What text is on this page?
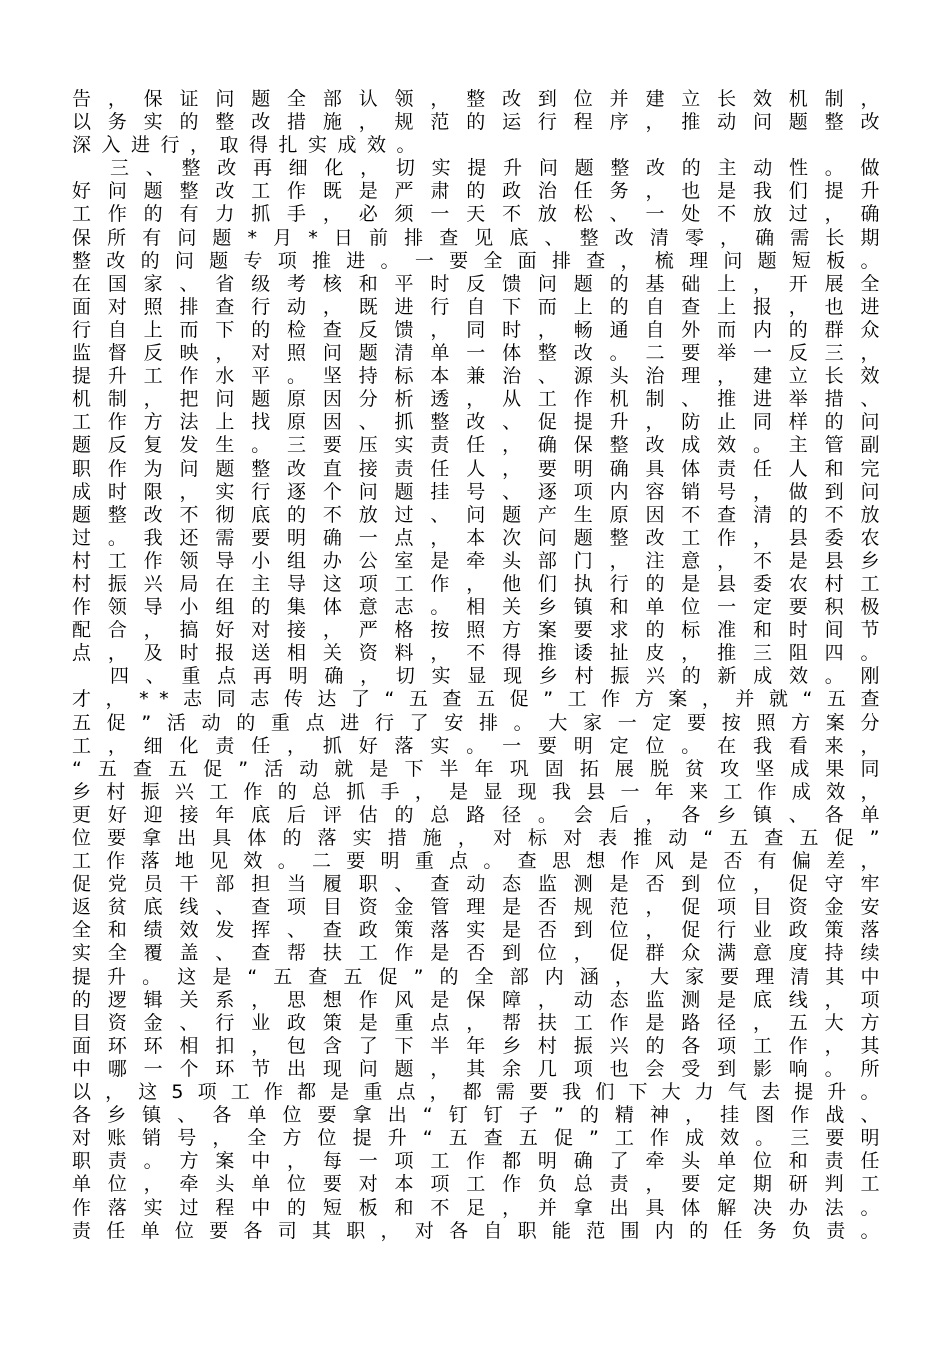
告，保证问题全部认领，整改到位并建立长效机制，
以务实的整改措施，规范的运行程序，推动问题整改
深入进行，取得扎实成效。
三、整改再细化，切实提升问题整改的主动性。做
好问题整改工作既是严肃的政治任务，也是我们提升
工作的有力抓手，必须一天不放松、一处不放过，确
保所有问题*月*日前排查见底、整改清零，确需长期
整改的问题专项推进。一要全面排查，梳理问题短板。
在国家、省级考核和平时反馈问题的基础上，开展全
面对照排查行动，既进行自下而上的自查上报，也进
行自上而下的检查反馈，同时，畅通自外而内的群众
监督反映，对照问题清单一体整改。二要举一反三，
提升工作水平。坚持标本兼治、源头治理，建立长效
机制，把问题原因分析透，从工作机制、推进举措、
工作方法上找原因、抓整改、促提升，防止同样的问
题反复发生。三要压实责任，确保整改成效。主管副
职作为问题整改直接责任人，要明确具体责任人和完
成时限，实行逐个问题挂号、逐项内容销号，做到问
题整改不彻底的不放过、问题产生原因不查清的不放
过。我还需要明确一点，本次问题整改工作，县委农
村工作领导小组办公室是牵头部门，注意，不是县乡
村振兴局在主导这项工作，他们执行的是县委农村工
作领导小组的集体意志。相关乡镇和单位一定要积极
配合，搞好对接，严格按照方案要求的标准和时间节
点，及时报送相关资料，不得推诿扯皮，推三阻四。
四、重点再明确，切实显现乡村振兴的新成效。刚
才，**志同志传达了“五查五促”工作方案，并就“五查
五促”活动的重点进行了安排。大家一定要按照方案分
工，细化责任，抓好落实。一要明定位。在我看来，
“五查五促”活动就是下半年巩固拓展脱贫攻坚成果同
乡村振兴工作的总抓手，是显现我县一年来工作成效，
更好迎接年底后评估的总路径。会后，各乡镇、各单
位要拿出具体的落实措施，对标对表推动“五查五促”
工作落地见效。二要明重点。查思想作风是否有偏差，
促党员干部担当履职、查动态监测是否到位，促守牢
返贫底线、查项目资金管理是否规范，促项目资金安
全和绩效发挥、查政策落实是否到位，促行业政策落
实全覆盖、查帮扶工作是否到位，促群众满意度持续
提升。这是“五查五促”的全部内涵，大家要理清其中
的逻辑关系，思想作风是保障，动态监测是底线，项
目资金、行业政策是重点，帮扶工作是路径，五大方
面环环相扣，包含了下半年乡村振兴的各项工作，其
中哪一个环节出现问题，其余几项也会受到影响。所
以，这5项工作都是重点，都需要我们下大力气去提升。
各乡镇、各单位要拿出“钉钉子”的精神，挂图作战、
对账销号，全方位提升“五查五促”工作成效。三要明
职责。方案中，每一项工作都明确了牵头单位和责任
单位，牵头单位要对本项工作负总责，要定期研判工
作落实过程中的短板和不足，并拿出具体解决办法。
责任单位要各司其职，对各自职能范围内的任务负责。
